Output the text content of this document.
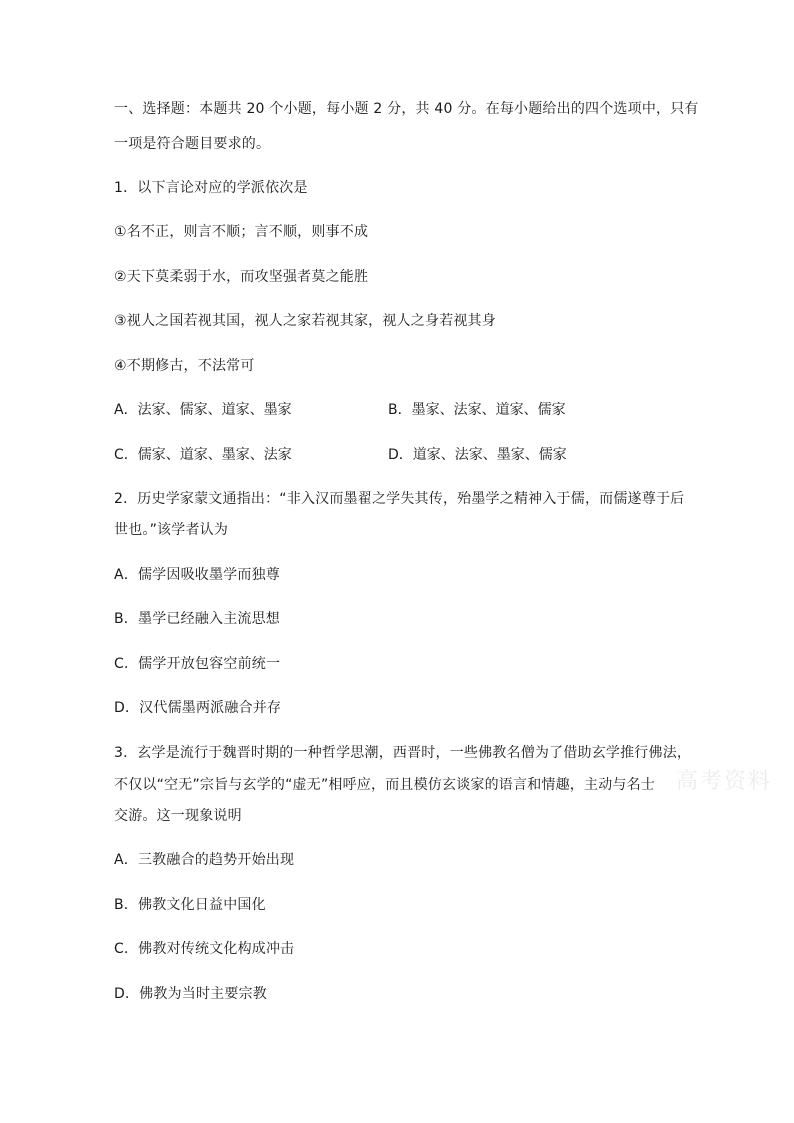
一、选择题：本题共 20 个小题，每小题 2 分，共 40 分。在每小题给出的四个选项中，只有
一项是符合题目要求的。
1．以下言论对应的学派依次是
①名不正，则言不顺；言不顺，则事不成
②天下莫柔弱于水，而攻坚强者莫之能胜
③视人之国若视其国，视人之家若视其家，视人之身若视其身
④不期修古，不法常可
A．法家、儒家、道家、墨家	B．墨家、法家、道家、儒家
C．儒家、道家、墨家、法家	D．道家、法家、墨家、儒家
2．历史学家蒙文通指出：“非入汉而墨翟之学失其传，殆墨学之精神入于儒，而儒遂尊于后
世也。”该学者认为
A．儒学因吸收墨学而独尊
B．墨学已经融入主流思想
C．儒学开放包容空前统一
D．汉代儒墨两派融合并存
3．玄学是流行于魏晋时期的一种哲学思潮，西晋时，一些佛教名僧为了借助玄学推行佛法，
不仅以“空无”宗旨与玄学的“虚无”相呼应，而且模仿玄谈家的语言和情趣，主动与名士
交游。这一现象说明
A．三教融合的趋势开始出现
B．佛教文化日益中国化
C．佛教对传统文化构成冲击
D．佛教为当时主要宗教
高考资料
